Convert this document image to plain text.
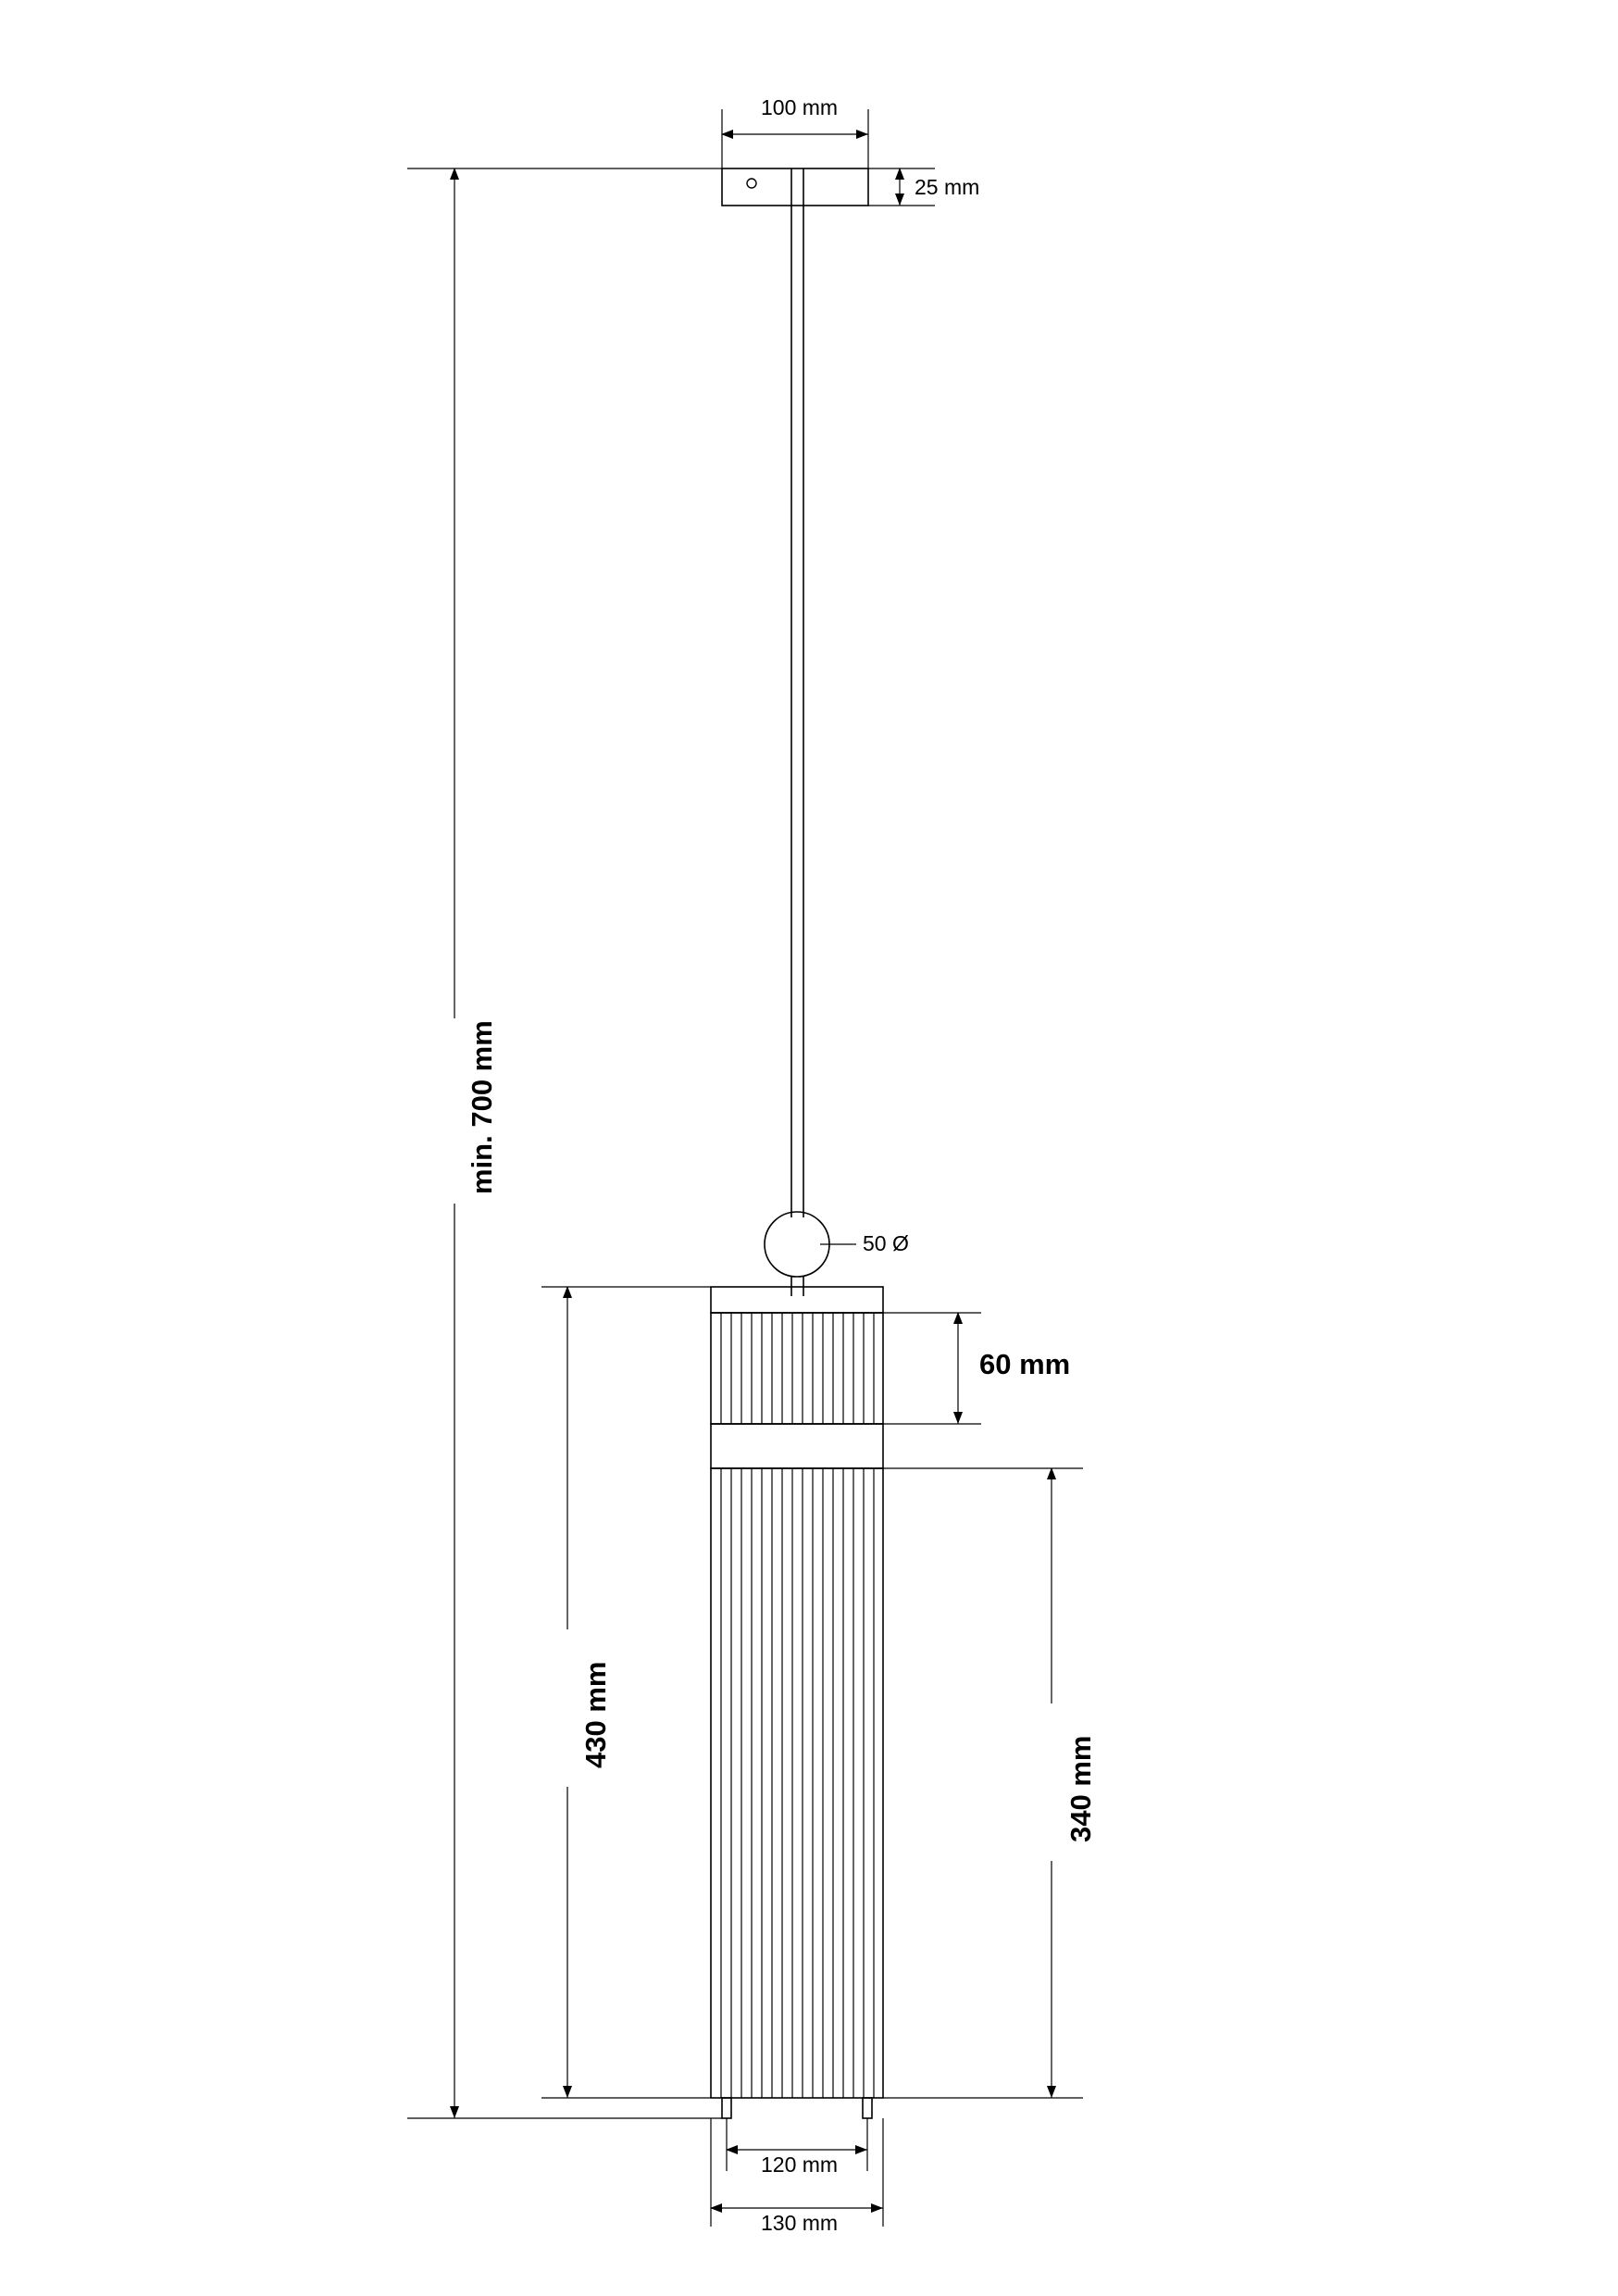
100 mm
25 mm
min. 700 mm
50 Ø
60 mm
340 mm
430 mm
120 mm
130 mm
